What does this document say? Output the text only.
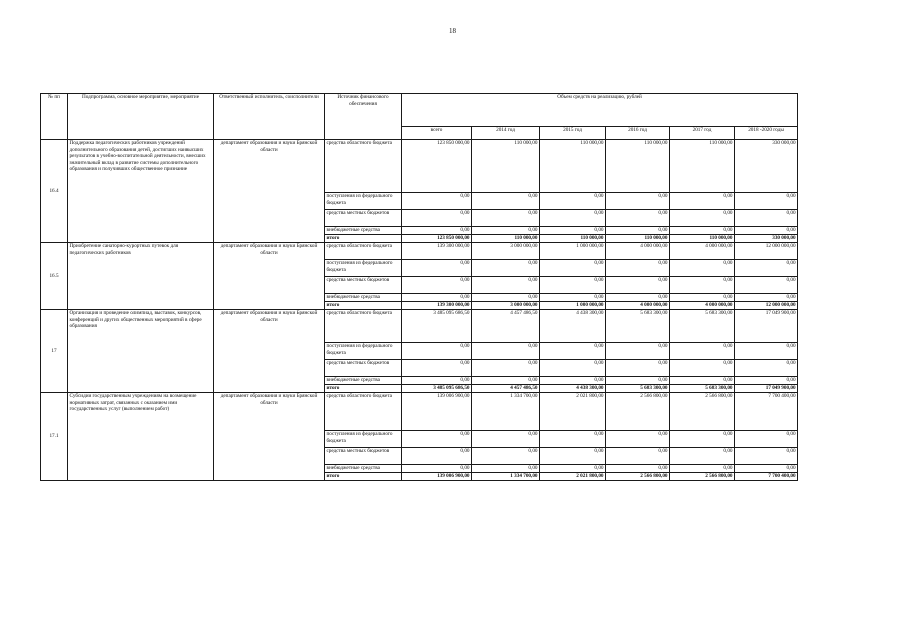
18
№ пп	Подпрограмма, основное мероприятие, мероприятие	Ответственный исполнитель, соисполнители	Источник финансового обеспечения	Объем средств на реализацию, рублей					
				всего	2014 год	2015 год	2016 год	2017 год	2018 -2020 годы
16.4	Поддержка педагогических работников учреждений дополнительного образования детей, достигших наивысших результатов в учебно-воспитательной деятельности, внесших значительный вклад в развитие системы дополнительного образования и получивших общественное признание	департамент образования и науки Брянской области	средства областного бюджета	123 850 000,00	110 000,00	110 000,00	110 000,00	110 000,00	330 000,00
			поступления из федерального бюджета	0,00	0,00	0,00	0,00	0,00	0,00
			средства местных бюджетов	0,00	0,00	0,00	0,00	0,00	0,00
			внебюджетные средства	0,00	0,00	0,00	0,00	0,00	0,00
			итого	123 850 000,00	110 000,00	110 000,00	110 000,00	110 000,00	330 000,00
16.5	Приобретение санаторно-курортных путевок для педагогических работников	департамент образования и науки Брянской области	средства областного бюджета	139 300 000,00	3 000 000,00	1 000 000,00	4 000 000,00	4 000 000,00	12 000 000,00
			поступления из федерального бюджета	0,00	0,00	0,00	0,00	0,00	0,00
			средства местных бюджетов	0,00	0,00	0,00	0,00	0,00	0,00
			внебюджетные средства	0,00	0,00	0,00	0,00	0,00	0,00
			итого	139 300 000,00	3 000 000,00	1 000 000,00	4 000 000,00	4 000 000,00	12 000 000,00
17	Организация и проведение олимпиад, выставок, конкурсов, конференций и других общественных мероприятий в сфере образования	департамент образования и науки Брянской области	средства областного бюджета	3 485 095 686,50	4 457 486,50	4 438 300,00	5 683 300,00	5 683 300,00	17 049 900,00
			поступления из федерального бюджета	0,00	0,00	0,00	0,00	0,00	0,00
			средства местных бюджетов	0,00	0,00	0,00	0,00	0,00	0,00
			внебюджетные средства	0,00	0,00	0,00	0,00	0,00	0,00
			итого	3 485 095 686,50	4 457 486,50	4 438 300,00	5 683 300,00	5 683 300,00	17 049 900,00
17.1	Субсидии государственным учреждениям на возмещение нормативных затрат, связанных с оказанием ими государственных услуг (выполнением работ)	департамент образования и науки Брянской области	средства областного бюджета	139 006 900,00	1 334 700,00	2 021 800,00	2 566 800,00	2 566 800,00	7 700 400,00
			поступления из федерального бюджета	0,00	0,00	0,00	0,00	0,00	0,00
			средства местных бюджетов	0,00	0,00	0,00	0,00	0,00	0,00
			внебюджетные средства	0,00	0,00	0,00	0,00	0,00	0,00
			итого	139 006 900,00	1 334 700,00	2 021 800,00	2 566 800,00	2 566 800,00	7 700 400,00
